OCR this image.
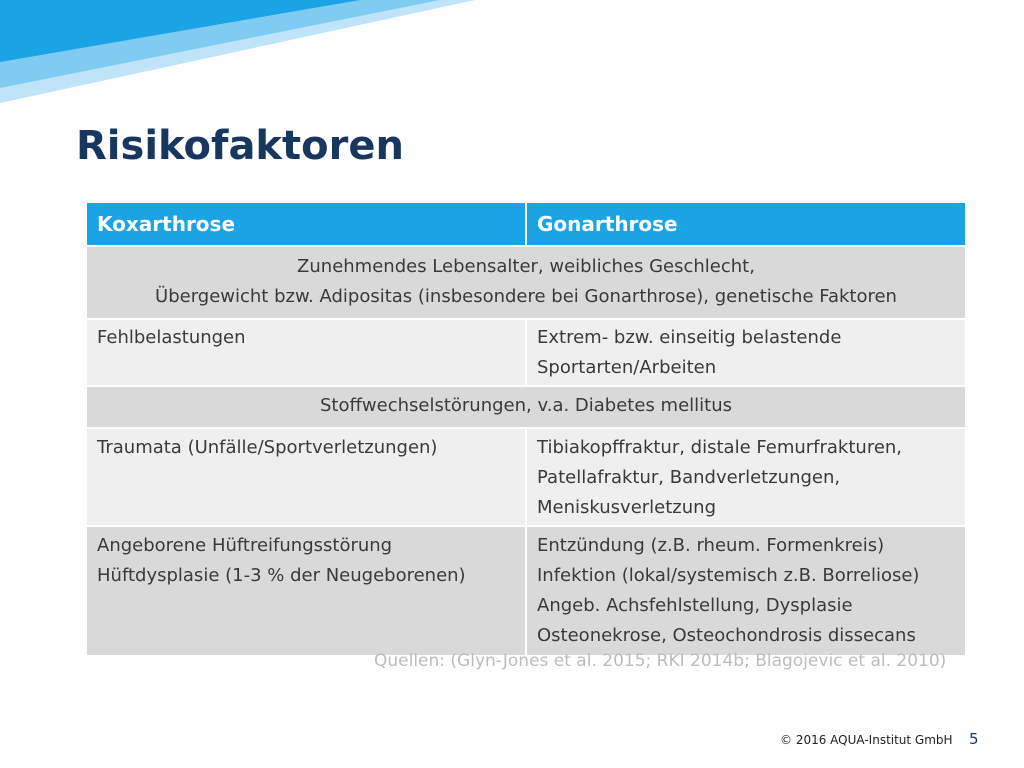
Risikofaktoren
Koxarthrose	Gonarthrose

Zunehmendes Lebensalter, weibliches Geschlecht,
Übergewicht bzw. Adipositas (insbesondere bei Gonarthrose), genetische Faktoren	

Fehlbelastungen	Extrem- bzw. einseitig belastende
Sportarten/Arbeiten

Stoffwechselstörungen, v.a. Diabetes mellitus	

Traumata (Unfälle/Sportverletzungen)	Tibiakopffraktur, distale Femurfrakturen,
Patellafraktur, Bandverletzungen,
Meniskusverletzung

Angeborene Hüftreifungsstörung
Hüftdysplasie (1-3 % der Neugeborenen)	Entzündung (z.B. rheum. Formenkreis)
Infektion (lokal/systemisch z.B. Borreliose)
Angeb. Achsfehlstellung, Dysplasie
Osteonekrose, Osteochondrosis dissecans
Quellen: (Glyn-Jones et al. 2015; RKI 2014b; Blagojevic et al. 2010)
© 2016 AQUA-Institut GmbH 5
